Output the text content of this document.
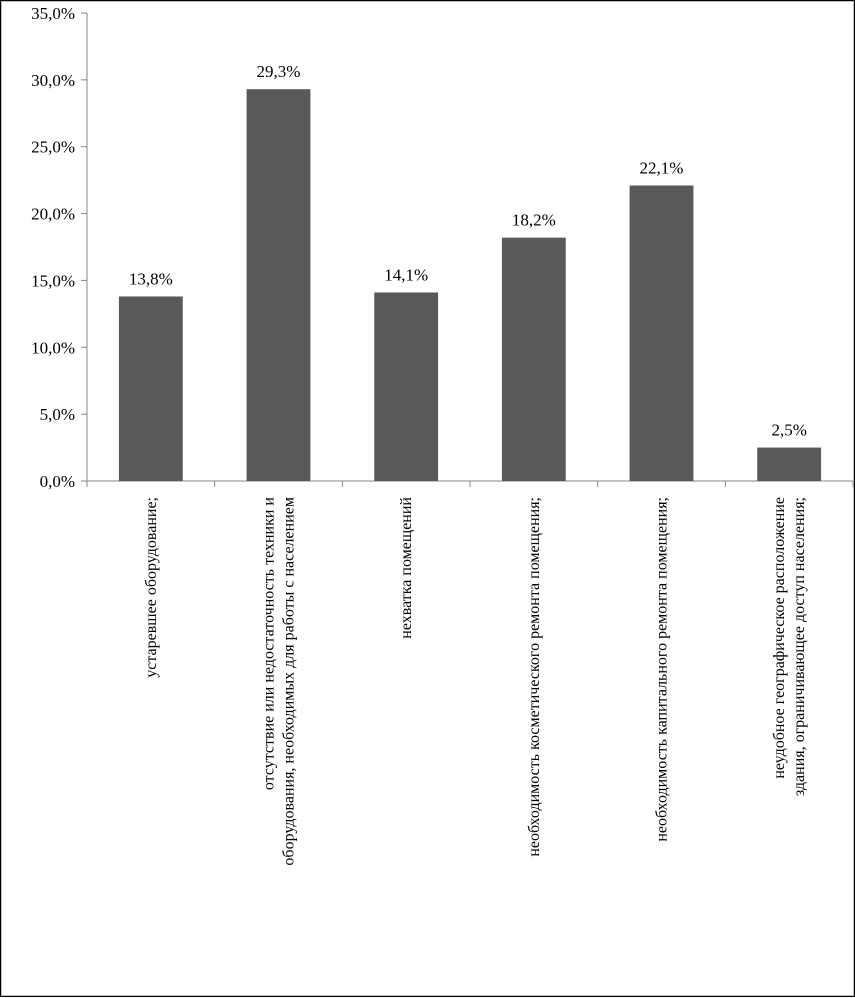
0,0%
5,0%
10,0%
15,0%
20,0%
25,0%
30,0%
35,0%
13,8%
29,3%
14,1%
18,2%
22,1%
2,5%
устаревшее оборудование;	отсутствие или недостаточность техники и оборудования, необходимых для работы с населением	нехватка помещений	необходимость косметического ремонта помещения;	необходимость капитального ремонта помещения;	неудобное географическое расположение здания, ограничивающее доступ населения;
